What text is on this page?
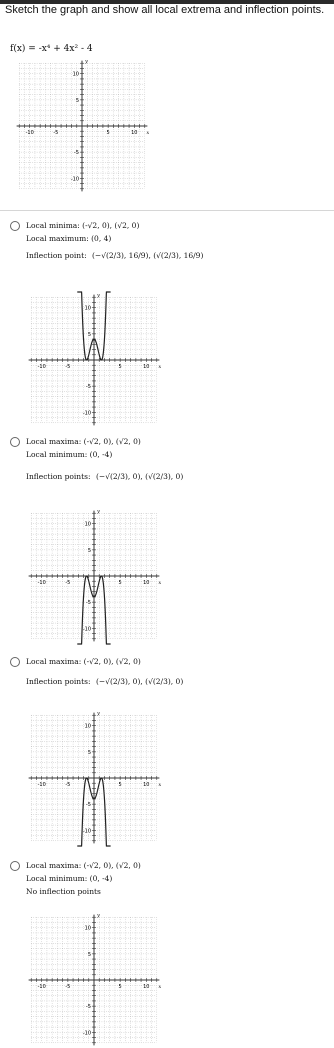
Sketch the graph and show all local extrema and inflection points.
f(x) = -x⁴ + 4x² - 4
-10	-5	5	10
10
5
-5
-10
x
y
Local minima: (-√2, 0), (√2, 0)
Local maximum: (0, 4)
Inflection point: (−√(2/3), 16/9), (√(2/3), 16/9)
-10	-5	5	10
10
5
-5
-10
x
y
Local maxima: (-√2, 0), (√2, 0)
Local minimum: (0, -4)
Inflection points: (−√(2/3), 0), (√(2/3), 0)
-10	-5	5	10
10
5
-5
-10
x
y
Local maxima: (-√2, 0), (√2, 0)
Inflection points: (−√(2/3), 0), (√(2/3), 0)
-10	-5	5	10
10
5
-5
-10
x
y
Local maxima: (-√2, 0), (√2, 0)
Local minimum: (0, -4)
No inflection points
-10	-5	5	10
10
5
-5
-10
x
y
